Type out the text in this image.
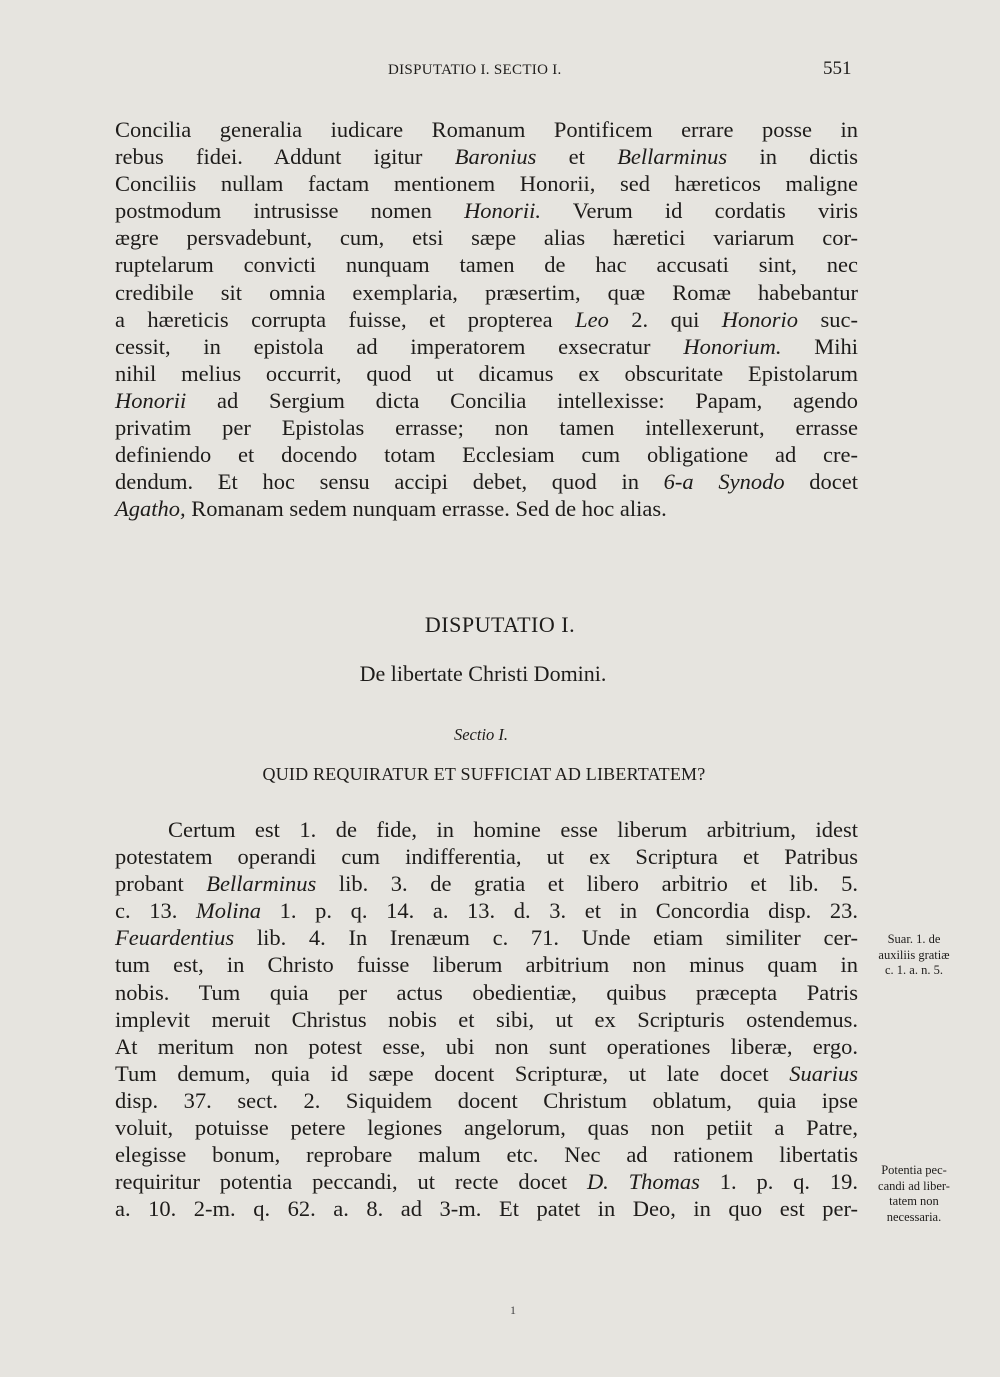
DISPUTATIO I. SECTIO I.	551

Concilia generalia iudicare Romanum Pontificem errare posse in

rebus fidei. Addunt igitur Baronius et Bellarminus in dictis

Conciliis nullam factam mentionem Honorii, sed hæreticos maligne

postmodum intrusisse nomen Honorii. Verum id cordatis viris

ægre persvadebunt, cum, etsi sæpe alias hæretici variarum cor-

ruptelarum convicti nunquam tamen de hac accusati sint, nec

credibile sit omnia exemplaria, præsertim, quæ Romæ habebantur

a hæreticis corrupta fuisse, et propterea Leo 2. qui Honorio suc-

cessit, in epistola ad imperatorem exsecratur Honorium. Mihi

nihil melius occurrit, quod ut dicamus ex obscuritate Epistolarum

Honorii ad Sergium dicta Concilia intellexisse: Papam, agendo

privatim per Epistolas errasse; non tamen intellexerunt, errasse

definiendo et docendo totam Ecclesiam cum obligatione ad cre-

dendum. Et hoc sensu accipi debet, quod in 6-a Synodo docet

Agatho, Romanam sedem nunquam errasse. Sed de hoc alias.

DISPUTATIO I.
De libertate Christi Domini.
Sectio I.
QUID REQUIRATUR ET SUFFICIAT AD LIBERTATEM?

Certum est 1. de fide, in homine esse liberum arbitrium, idest

potestatem operandi cum indifferentia, ut ex Scriptura et Patribus

probant Bellarminus lib. 3. de gratia et libero arbitrio et lib. 5.

c. 13. Molina 1. p. q. 14. a. 13. d. 3. et in Concordia disp. 23.

Feuardentius lib. 4. In Irenæum c. 71. Unde etiam similiter cer-

tum est, in Christo fuisse liberum arbitrium non minus quam in

nobis. Tum quia per actus obedientiæ, quibus præcepta Patris

implevit meruit Christus nobis et sibi, ut ex Scripturis ostendemus.

At meritum non potest esse, ubi non sunt operationes liberæ, ergo.

Tum demum, quia id sæpe docent Scripturæ, ut late docet Suarius

disp. 37. sect. 2. Siquidem docent Christum oblatum, quia ipse

voluit, potuisse petere legiones angelorum, quas non petiit a Patre,

elegisse bonum, reprobare malum etc. Nec ad rationem libertatis

requiritur potentia peccandi, ut recte docet D. Thomas 1. p. q. 19.

a. 10. 2-m. q. 62. a. 8. ad 3-m. Et patet in Deo, in quo est per-

Suar. 1. de
auxiliis gratiæ
c. 1. a. n. 5.
Potentia pec-
candi ad liber-
tatem non
necessaria.
1
